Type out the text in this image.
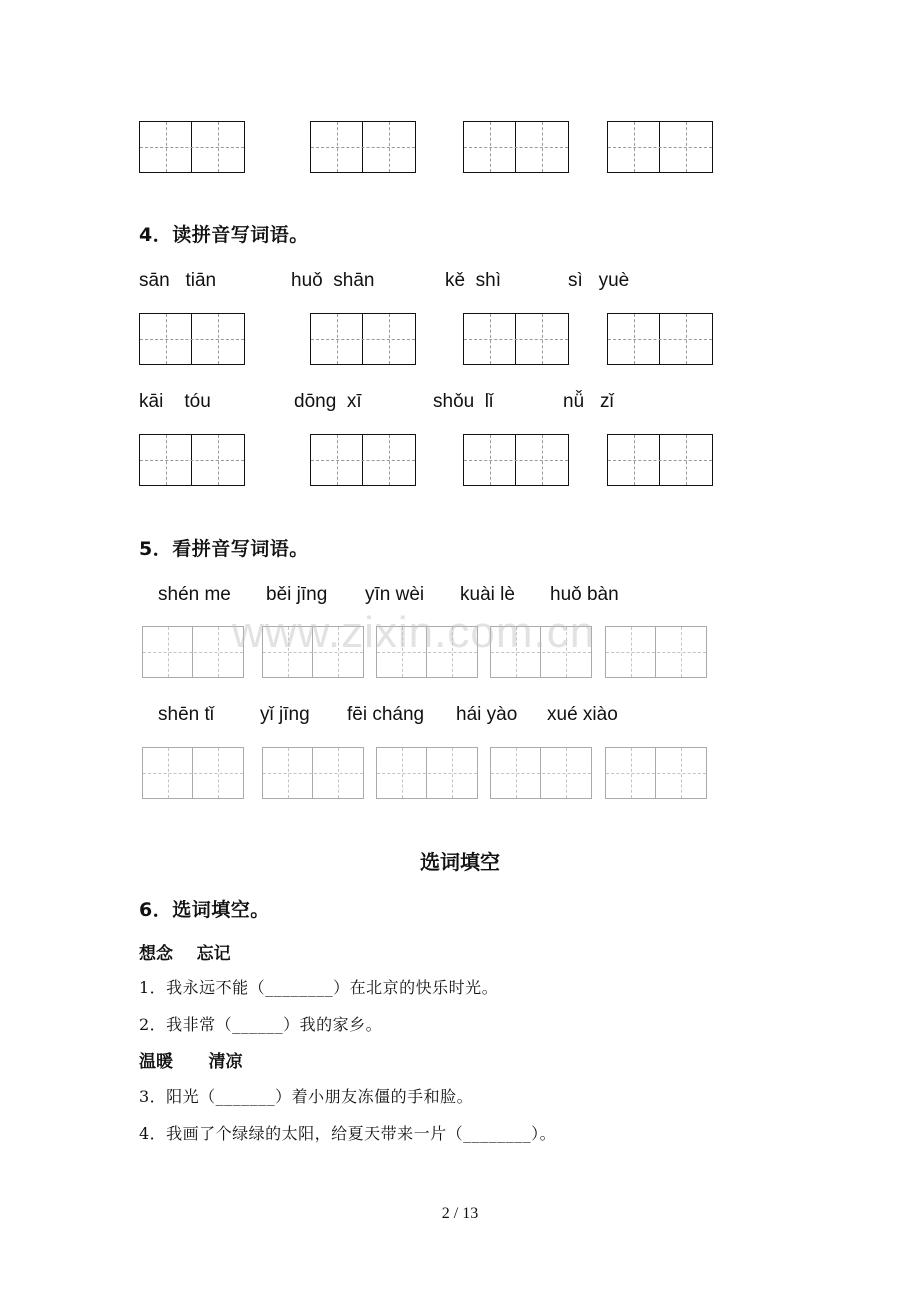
4．读拼音写词语。
sān   tiān	huǒ  shān	kě  shì	sì   yuè
kāi    tóu	dōng  xī	shǒu  lǐ	nǚ   zǐ
5．看拼音写词语。
shén me běi jīng yīn wèi kuài lè huǒ bàn
www.zixin.com.cn
shēn tǐ yǐ jīng fēi cháng hái yào xué xiào
选词填空
6．选词填空。
想念    忘记
1．我永远不能（________）在北京的快乐时光。
2．我非常（______）我的家乡。
温暖      清凉
3．阳光（_______）着小朋友冻僵的手和脸。
4．我画了个绿绿的太阳，给夏天带来一片（________）。
2 / 13
